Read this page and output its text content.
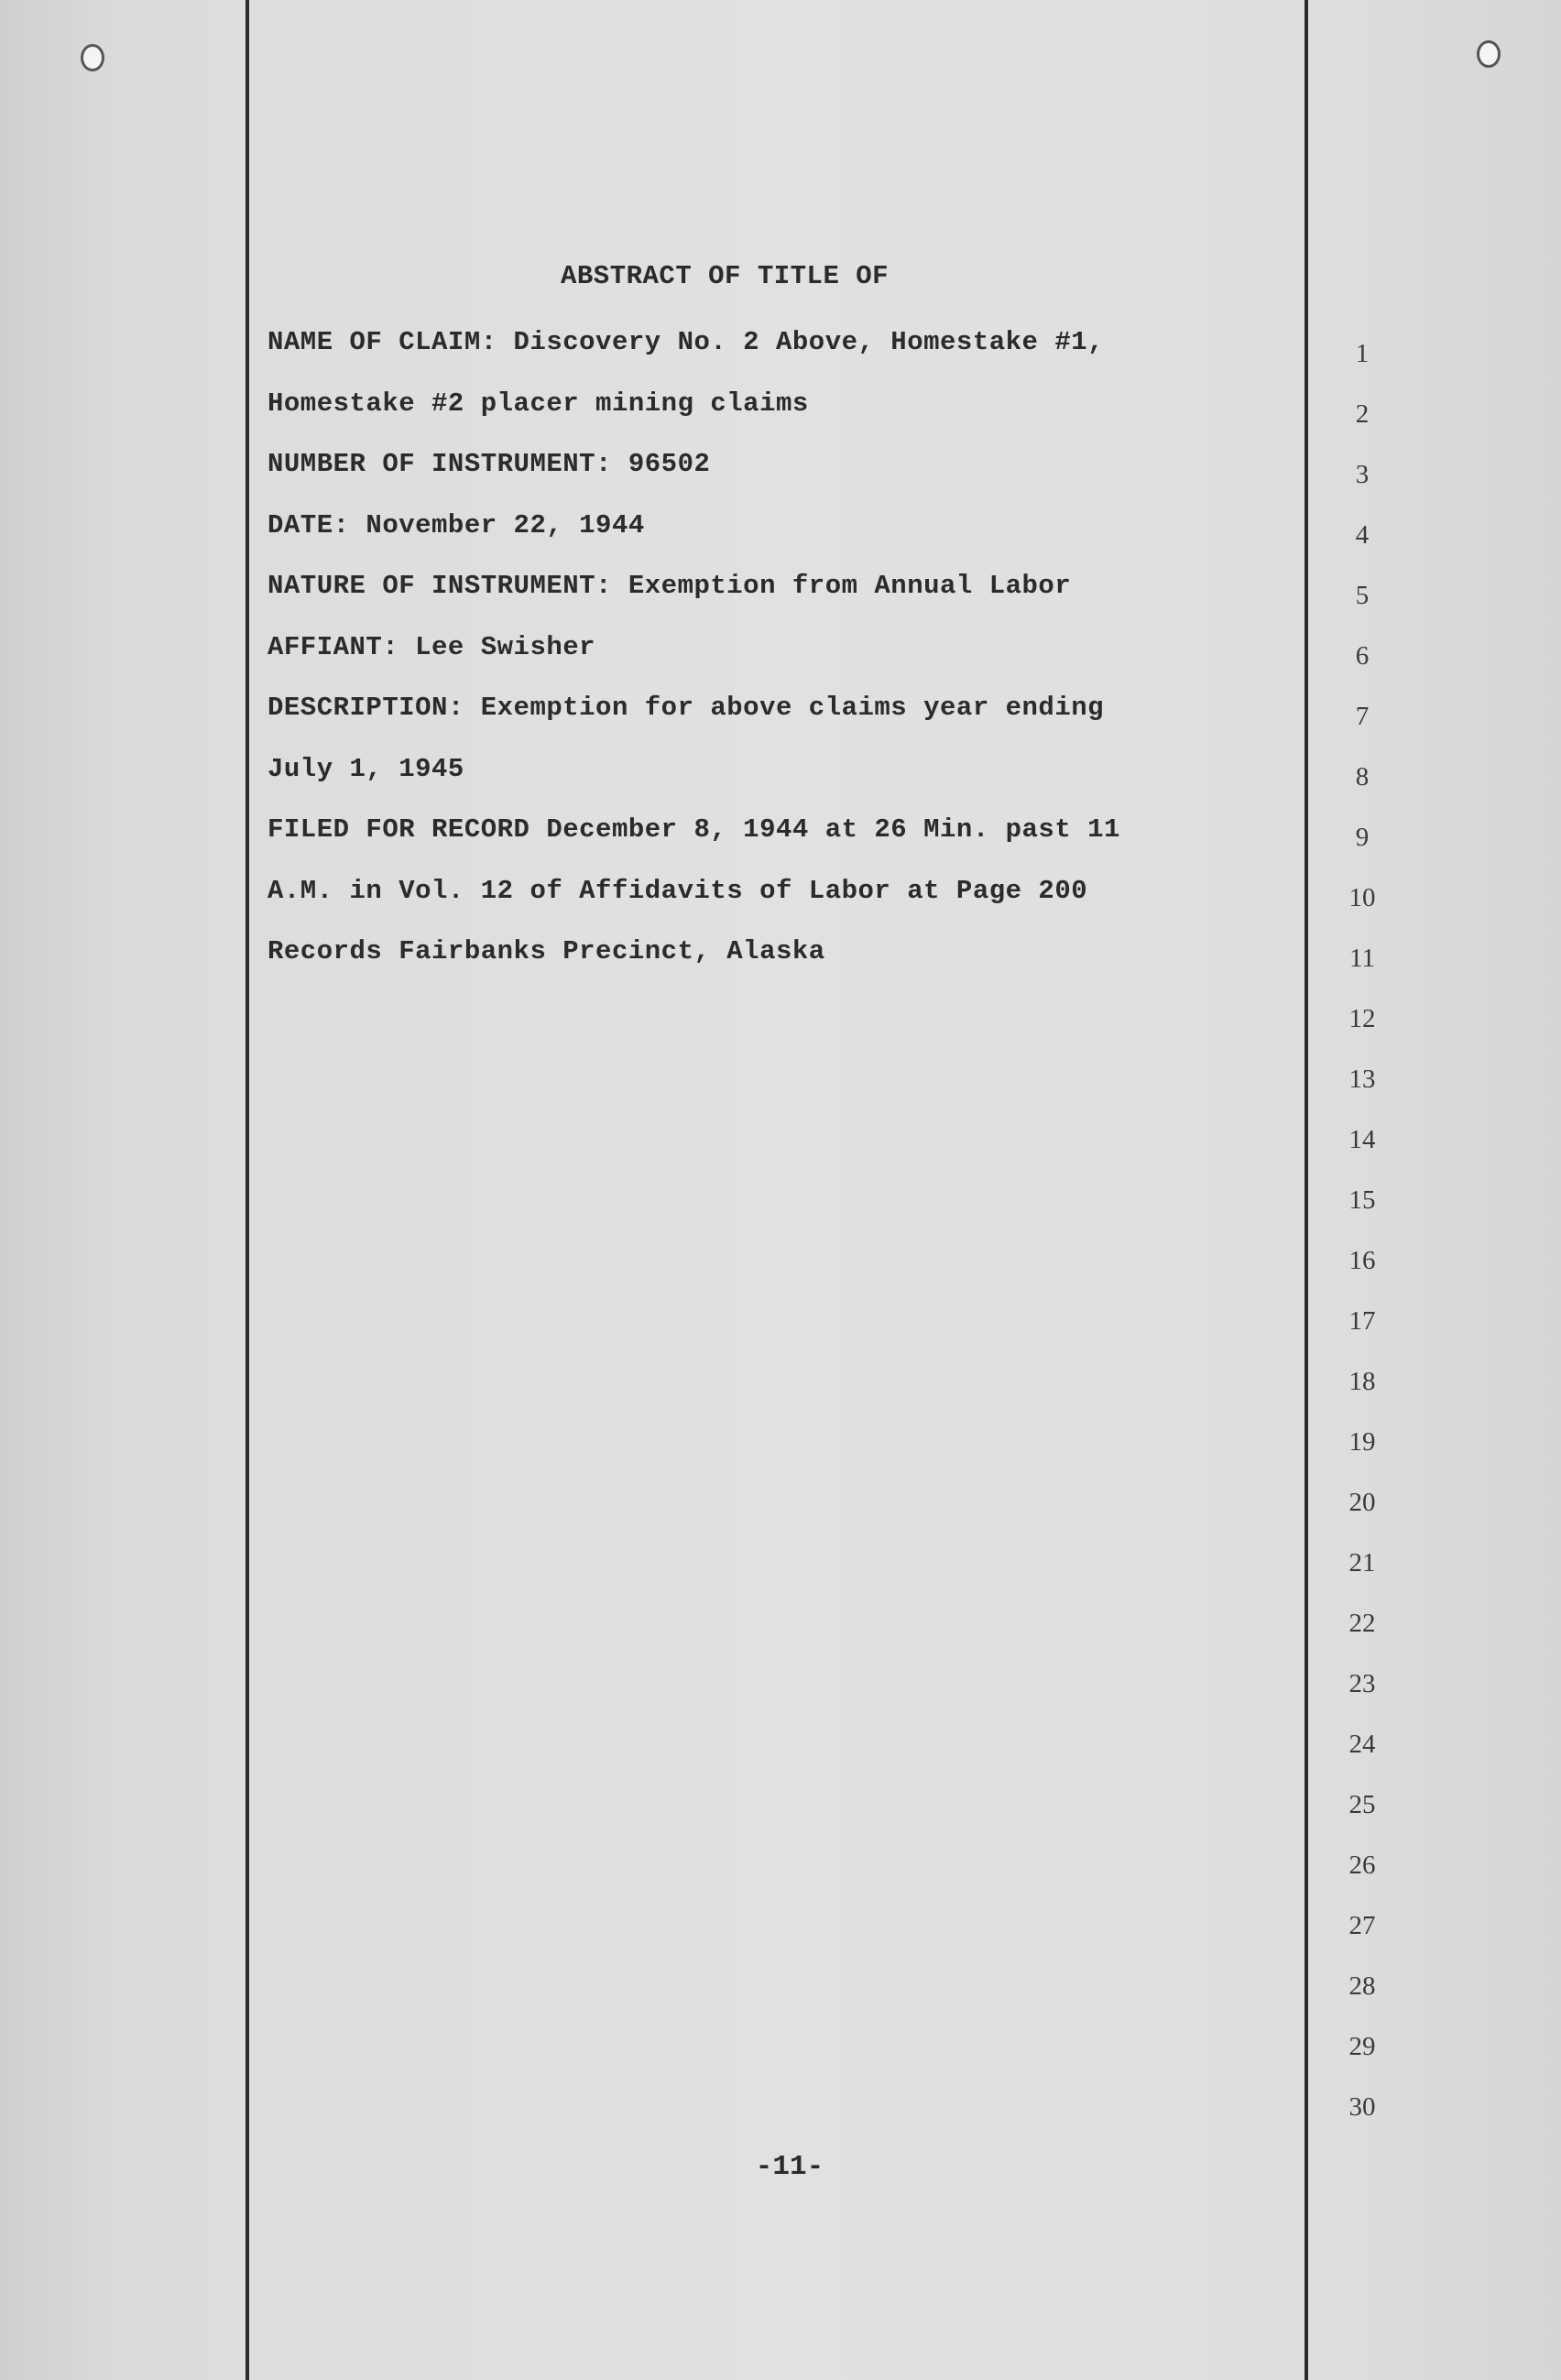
ABSTRACT OF TITLE OF
NAME OF CLAIM: Discovery No. 2 Above, Homestake #1,
Homestake #2 placer mining claims
NUMBER OF INSTRUMENT: 96502
DATE: November 22, 1944
NATURE OF INSTRUMENT: Exemption from Annual Labor
AFFIANT: Lee Swisher
DESCRIPTION: Exemption for above claims year ending
July 1, 1945
FILED FOR RECORD December 8, 1944 at 26 Min. past 11
A.M. in Vol. 12 of Affidavits of Labor at Page 200
Records Fairbanks Precinct, Alaska
1
2
3
4
5
6
7
8
9
10
11
12
13
14
15
16
17
18
19
20
21
22
23
24
25
26
27
28
29
30
-11-
